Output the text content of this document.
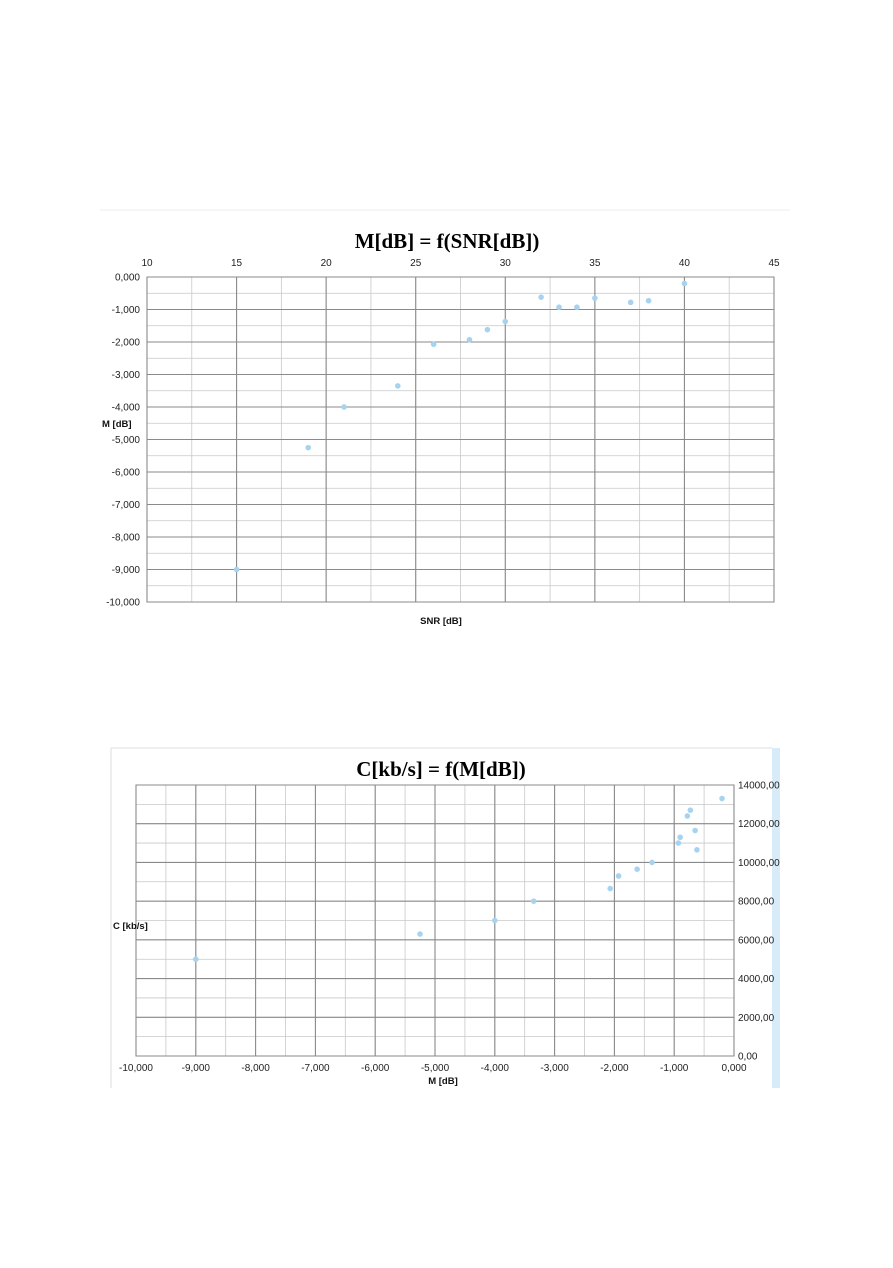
M[dB] = f(SNR[dB])
10	15	20	25	30	35	40	45
0,000
-1,000
-2,000
-3,000
-4,000
-5,000
-6,000
-7,000
-8,000
-9,000
-10,000
M [dB]
SNR [dB]
C[kb/s] = f(M[dB])
-10,000	-9,000	-8,000	-7,000	-6,000	-5,000	-4,000	-3,000	-2,000	-1,000	0,000
0,00
2000,00
4000,00
6000,00
8000,00
10000,00
12000,00
14000,00
C [kb/s]
M [dB]
